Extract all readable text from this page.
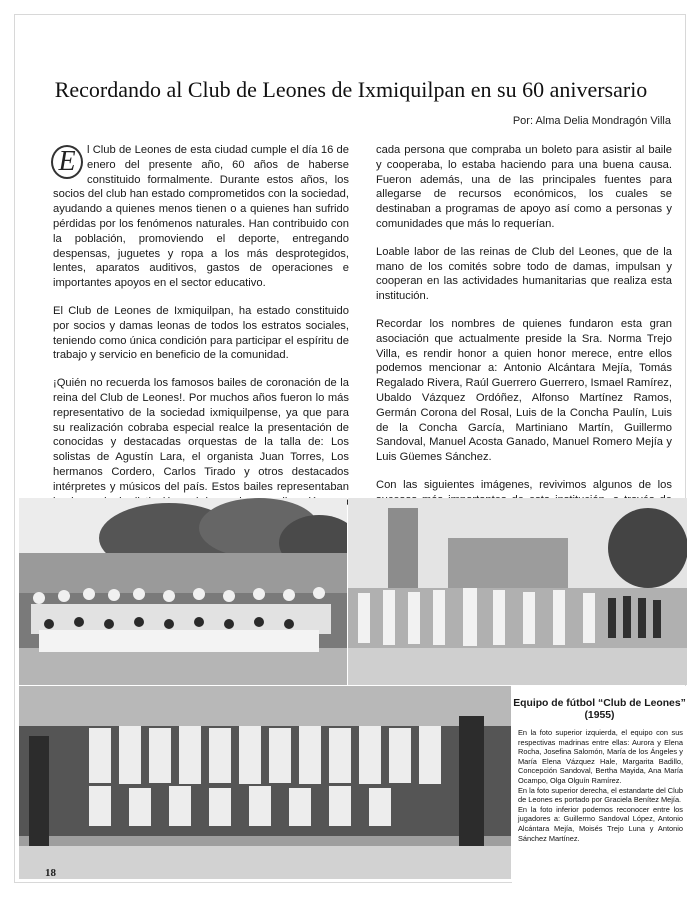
Recordando al Club de Leones de Ixmiquilpan en su 60 aniversario
Por: Alma Delia Mondragón Villa

E	l Club de Leones de esta ciudad cumple el día 16 de enero del presente año, 60 años de haberse constituido formalmente. Durante estos años, los socios del club han estado comprometidos con la sociedad, ayudando a quienes menos tienen o a quienes han sufrido pérdidas por los fenómenos naturales. Han contribuido con la población, promoviendo el deporte, entregando despensas, juguetes y ropa a los más desprotegidos, lentes, aparatos auditivos, gastos de operaciones e importantes apoyos en el sector educativo.

El Club de Leones de Ixmiquilpan, ha estado constituido por socios y damas leonas de todos los estratos sociales, teniendo como única condición para participar el espíritu de trabajo y servicio en beneficio de la comunidad.

¡Quién no recuerda los famosos bailes de coronación de la reina del Club de Leones!. Por muchos años fueron lo más representativo de la sociedad ixmiquilpense, ya que para su realización cobraba especial realce la presentación de conocidas y destacadas orquestas de la talla de: Los solistas de Agustín Lara, el organista Juan Torres, Los hermanos Cordero, Carlos Tirado y otros destacados intérpretes y músicos del país. Estos bailes representaban

cada persona que compraba un boleto para asistir al baile y cooperaba, lo estaba haciendo para una buena causa. Fueron además, una de las principales fuentes para allegarse de recursos económicos, los cuales se destinaban a programas de apoyo así como a personas y comunidades que más lo requerían.

Loable labor de las reinas de Club del Leones, que de la mano de los comités sobre todo de damas, impulsan y cooperan en las actividades humanitarias que realiza esta institución.

Recordar los nombres de quienes fundaron esta gran asociación que actualmente preside la Sra. Norma Trejo Villa, es rendir honor a quien honor merece, entre ellos podemos mencionar a: Antonio Alcántara Mejía, Tomás Regalado Rivera, Raúl Guerrero Guerrero, Ismael Ramírez, Ubaldo Vázquez Ordóñez, Alfonso Martínez Ramos, Germán Corona del Rosal, Luis de la Concha Paulín, Luis de la Concha García, Martiniano Martín, Guillermo Sandoval, Manuel Acosta Ganado, Manuel Romero Mejía y Luis Güemes Sánchez.

Con las siguientes imágenes, revivimos algunos de los

Equipo de fútbol “Club de Leones”
(1955)

En la foto superior izquierda, el equipo con sus respectivas madrinas entre ellas: Aurora y Elena Rocha, Josefina Salomón, María de los Ángeles y María Elena Vázquez Hale, Margarita Badillo, Concepción Sandoval, Bertha Mayida, Ana María Ocampo, Olga Olguín Ramírez.

En la foto superior derecha, el estandarte del Club de Leones es portado por Graciela Benítez Mejía.

En la foto inferior podemos reconocer entre los jugadores a: Guillermo Sandoval López, Antonio Alcántara Mejía, Moisés Trejo Luna y Antonio Sánchez Martínez.

18
